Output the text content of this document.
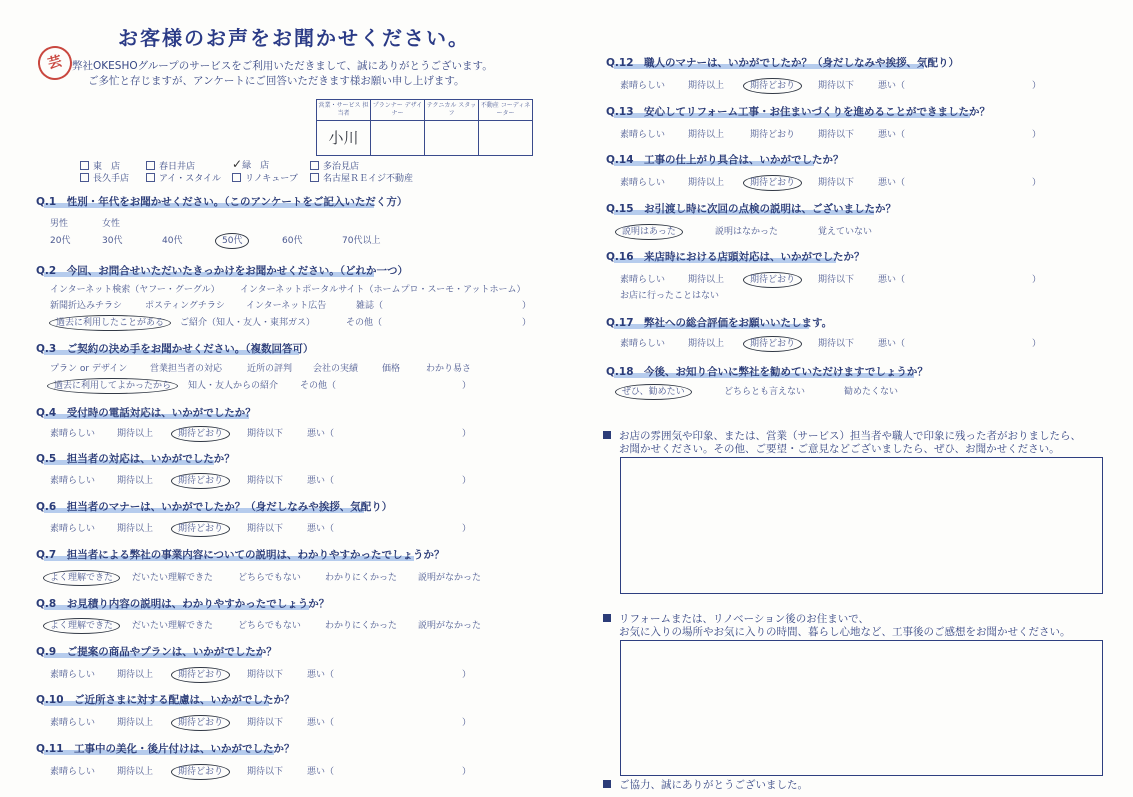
お客様のお声をお聞かせください。
芸 弊社OKESHOグループのサービスをご利用いただきまして、誠にありがとうございます。
ご多忙と存じますが、アンケートにご回答いただきます様お願い申し上げます。
営業・サービス 担当者	プランナー デザイナー	テクニカル スタッフ	不動産 コーディネーター
小川			
東　店	春日井店	✓緑　店	多治見店
長久手店	アイ・スタイル	リノキューブ	名古屋ＲＥイジ不動産
Q.1　性別・年代をお聞かせください。（このアンケートをご記入いただく方）
男性	女性
20代	30代	40代	50代	60代	70代以上
Q.2　今回、お問合せいただいたきっかけをお聞かせください。（どれか一つ）
インターネット検索（ヤフー・グーグル） インターネットポータルサイト（ホームプロ・スーモ・アットホーム）
新聞折込みチラシ	ポスティングチラシ インターネット広告	雑誌（	）
過去に利用したことがある ご紹介（知人・友人・東邦ガス）	その他（	）
Q.3　ご契約の決め手をお聞かせください。（複数回答可）
プラン or デザイン	営業担当者の対応	近所の評判 会社の実績	価格	わかり易さ
過去に利用してよかったから 知人・友人からの紹介 その他（	）
Q.4　受付時の電話対応は、いかがでしたか？
素晴らしい 期待以上	期待どおり	期待以下	悪い（	）
Q.5　担当者の対応は、いかがでしたか？
素晴らしい 期待以上	期待どおり	期待以下	悪い（	）
Q.6　担当者のマナーは、いかがでしたか？（身だしなみや挨拶、気配り）
素晴らしい 期待以上	期待どおり	期待以下	悪い（	）
Q.7　担当者による弊社の事業内容についての説明は、わかりやすかったでしょうか？
よく理解できた だいたい理解できた	どちらでもない	わかりにくかった 説明がなかった
Q.8　お見積り内容の説明は、わかりやすかったでしょうか？
よく理解できた だいたい理解できた	どちらでもない	わかりにくかった 説明がなかった
Q.9　ご提案の商品やプランは、いかがでしたか？
素晴らしい 期待以上	期待どおり	期待以下	悪い（	）
Q.10　ご近所さまに対する配慮は、いかがでしたか？
素晴らしい 期待以上	期待どおり	期待以下	悪い（	）
Q.11　工事中の美化・後片付けは、いかがでしたか？
素晴らしい 期待以上	期待どおり	期待以下	悪い（	）
Q.12　職人のマナーは、いかがでしたか？（身だしなみや挨拶、気配り）
素晴らしい	期待以上	期待どおり	期待以下	悪い（	）
Q.13　安心してリフォーム工事・お住まいづくりを進めることができましたか？
素晴らしい	期待以上	期待どおり	期待以下	悪い（	）
Q.14　工事の仕上がり具合は、いかがでしたか？
素晴らしい	期待以上	期待どおり	期待以下	悪い（	）
Q.15　お引渡し時に次回の点検の説明は、ございましたか？
説明はあった	説明はなかった	覚えていない
Q.16　来店時における店頭対応は、いかがでしたか？
素晴らしい	期待以上	期待どおり	期待以下	悪い（	）
お店に行ったことはない
Q.17　弊社への総合評価をお願いいたします。
素晴らしい	期待以上	期待どおり	期待以下	悪い（	）
Q.18　今後、お知り合いに弊社を勧めていただけますでしょうか？
ぜひ、勧めたい	どちらとも言えない	勧めたくない
お店の雰囲気や印象、または、営業（サービス）担当者や職人で印象に残った者がおりましたら、
お聞かせください。その他、ご要望・ご意見などございましたら、ぜひ、お聞かせください。
リフォームまたは、リノベーション後のお住まいで、
お気に入りの場所やお気に入りの時間、暮らし心地など、工事後のご感想をお聞かせください。
ご協力、誠にありがとうございました。
